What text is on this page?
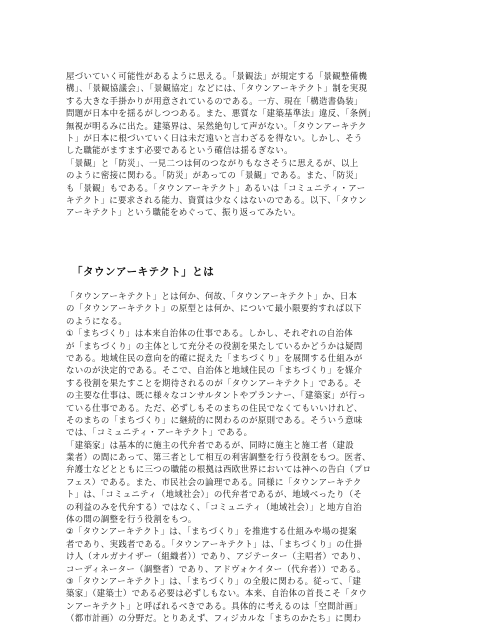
屋づいていく可能性があるように思える。「景観法」が規定する「景観整備機
構」、「景観協議会」、「景観協定」などには、「タウンアーキテクト」制を実現
する大きな手掛かりが用意されているのである。一方、現在「構造書偽装」
問題が日本中を揺るがしつつある。また、悪質な「建築基準法」違反、「条例」
無視が明るみに出た。建築界は、呆然絶句して声がない。「タウンアーキテク
ト」が日本に根づいていく日は未だ遠いと言わざるを得ない。しかし、そう
した職能がますます必要であるという確信は揺るぎない。
「景観」と「防災」、一見二つは何のつながりもなさそうに思えるが、以上
のように密接に関わる。「防災」があっての「景観」である。また、「防災」
も「景観」もである。「タウンアーキテクト」あるいは「コミュニティ・アー
キテクト」に要求される能力、資質は少なくはないのである。以下、「タウン
アーキテクト」という職能をめぐって、振り返ってみたい。
「タウンアーキテクト」とは
「タウンアーキテクト」とは何か、何故、「タウンアーキテクト」か、日本
の「タウンアーキテクト」の原型とは何か、について最小限要約すれば以下
のようになる。
①「まちづくり」は本来自治体の仕事である。しかし、それぞれの自治体
が「まちづくり」の主体として充分その役割を果たしているかどうかは疑問
である。地域住民の意向を的確に捉えた「まちづくり」を展開する仕組みが
ないのが決定的である。そこで、自治体と地域住民の「まちづくり」を媒介
する役割を果たすことを期待されるのが「タウンアーキテクト」である。そ
の主要な仕事は、既に様々なコンサルタントやプランナー、「建築家」が行っ
ている仕事である。ただ、必ずしもそのまちの住民でなくてもいいけれど、
そのまちの「まちづくり」に継続的に関わるのが原則である。そういう意味
では、「コミュニティ・アーキテクト」である。
「建築家」は基本的に施主の代弁者であるが、同時に施主と施工者（建設
業者）の間にあって、第三者として相互の利害調整を行う役割をもつ。医者、
弁護士などとともに三つの職能の根拠は西欧世界においては神への告白（プロ
フェス）である。また、市民社会の論理である。同様に「タウンアーキテク
ト」は、「コミュニティ（地域社会）」の代弁者であるが、地域べったり（そ
の利益のみを代弁する）ではなく、「コミュニティ（地域社会）」と地方自治
体の間の調整を行う役割をもつ。
②「タウンアーキテクト」は、「まちづくり」を推進する仕組みや場の提案
者であり、実践者である。「タウンアーキテクト」は、「まちづくり」の仕掛
け人（オルガナイザー（組織者））であり、アジテーター（主唱者）であり、
コーディネーター（調整者）であり、アドヴォケイター（代弁者））である。
③「タウンアーキテクト」は、「まちづくり」の全般に関わる。従って、「建
築家」（建築士）である必要は必ずしもない。本来、自治体の首長こそ「タウ
ンアーキテクト」と呼ばれるべきである。具体的に考えるのは「空間計画」
（都市計画）の分野だ。とりあえず、フィジカルな「まちのかたち」に関わ
